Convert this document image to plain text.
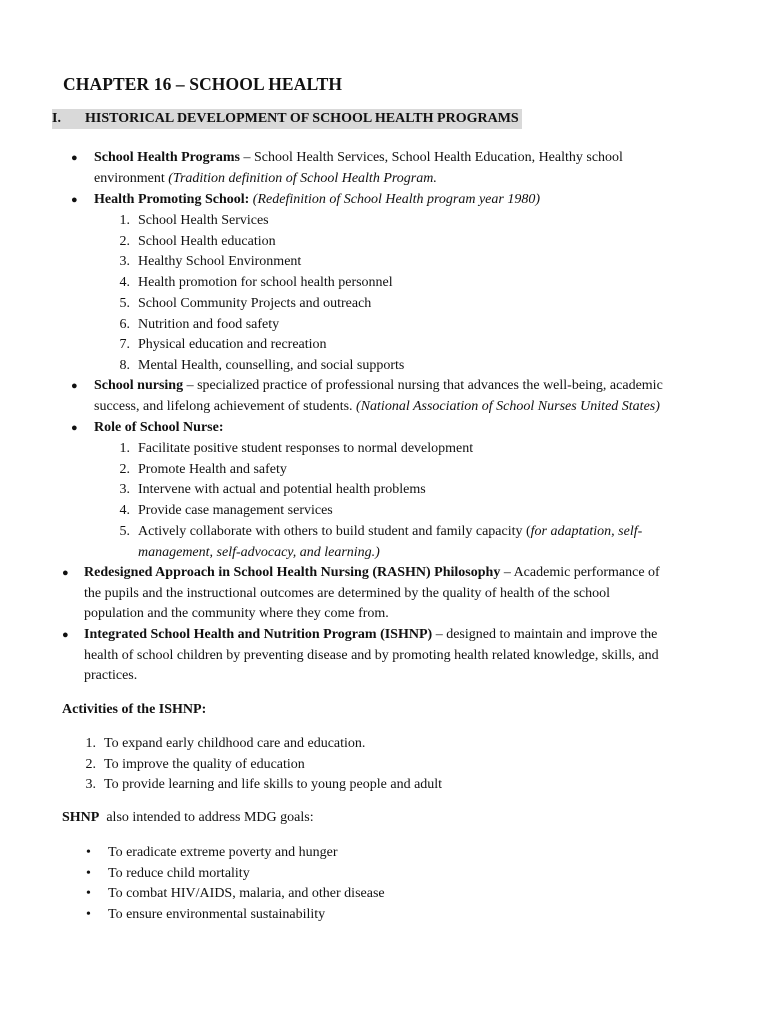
CHAPTER 16 – SCHOOL HEALTH
I. HISTORICAL DEVELOPMENT OF SCHOOL HEALTH PROGRAMS
● School Health Programs – School Health Services, School Health Education, Healthy school
environment (Tradition definition of School Health Program.
● Health Promoting School: (Redefinition of School Health program year 1980)
1. School Health Services
2. School Health education
3. Healthy School Environment
4. Health promotion for school health personnel
5. School Community Projects and outreach
6. Nutrition and food safety
7. Physical education and recreation
8. Mental Health, counselling, and social supports
● School nursing – specialized practice of professional nursing that advances the well-being, academic
success, and lifelong achievement of students. (National Association of School Nurses United States)
● Role of School Nurse:
1. Facilitate positive student responses to normal development
2. Promote Health and safety
3. Intervene with actual and potential health problems
4. Provide case management services
5. Actively collaborate with others to build student and family capacity (for adaptation, self-
management, self-advocacy, and learning.)
● Redesigned Approach in School Health Nursing (RASHN) Philosophy – Academic performance of
the pupils and the instructional outcomes are determined by the quality of health of the school
population and the community where they come from.
● Integrated School Health and Nutrition Program (ISHNP) – designed to maintain and improve the
health of school children by preventing disease and by promoting health related knowledge, skills, and
practices.
Activities of the ISHNP:
1. To expand early childhood care and education.
2. To improve the quality of education
3. To provide learning and life skills to young people and adult
SHNP  also intended to address MDG goals:
• To eradicate extreme poverty and hunger
• To reduce child mortality
• To combat HIV/AIDS, malaria, and other disease
• To ensure environmental sustainability
